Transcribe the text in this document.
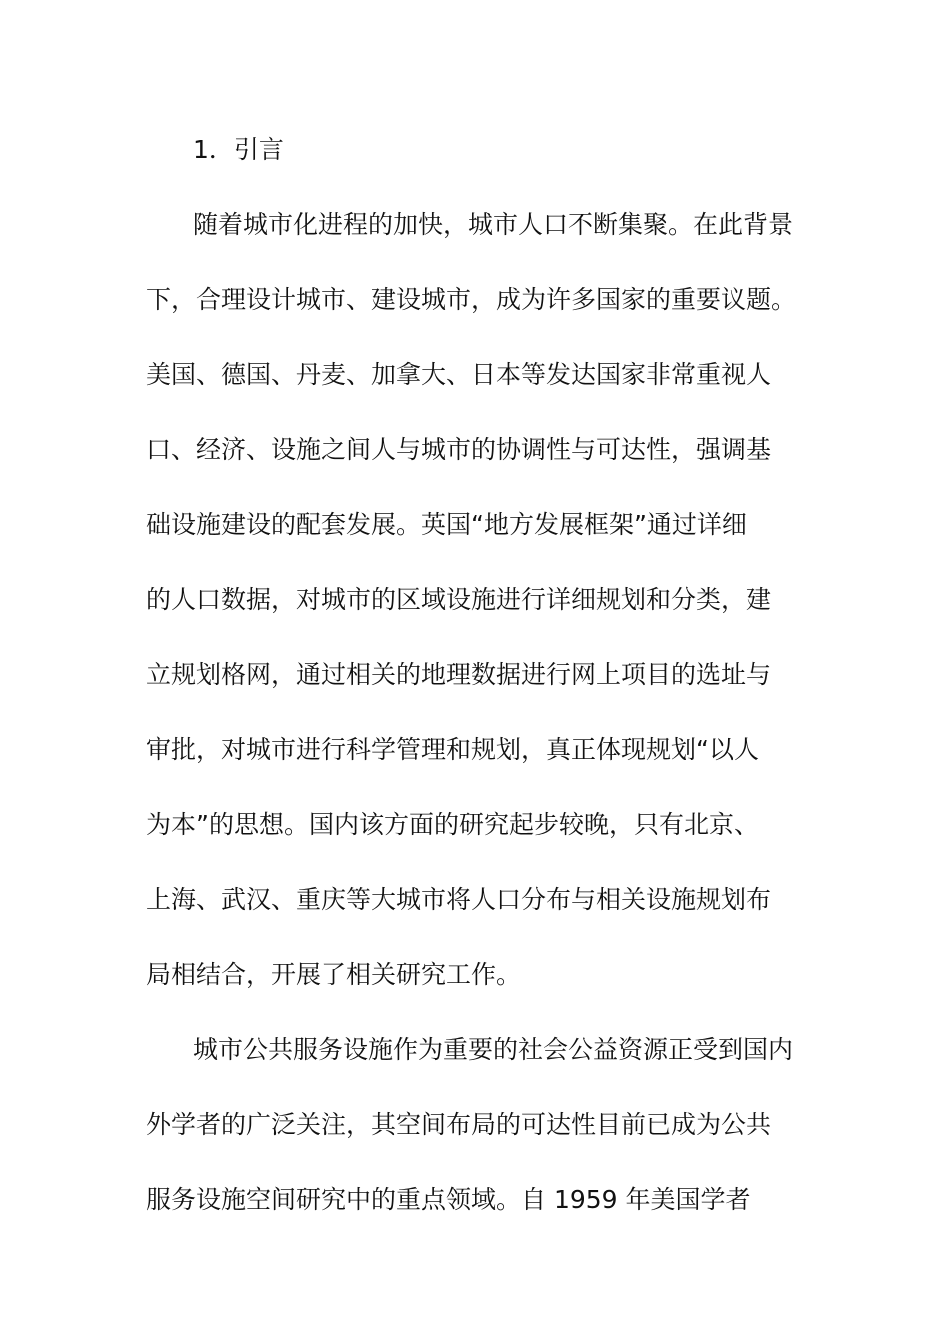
1．引言
随着城市化进程的加快，城市人口不断集聚。在此背景
下，合理设计城市、建设城市，成为许多国家的重要议题。
美国、德国、丹麦、加拿大、日本等发达国家非常重视人
口、经济、设施之间人与城市的协调性与可达性，强调基
础设施建设的配套发展。英国“地方发展框架”通过详细
的人口数据，对城市的区域设施进行详细规划和分类，建
立规划格网，通过相关的地理数据进行网上项目的选址与
审批，对城市进行科学管理和规划，真正体现规划“以人
为本”的思想。国内该方面的研究起步较晚，只有北京、
上海、武汉、重庆等大城市将人口分布与相关设施规划布
局相结合，开展了相关研究工作。
城市公共服务设施作为重要的社会公益资源正受到国内
外学者的广泛关注，其空间布局的可达性目前已成为公共
服务设施空间研究中的重点领域。自 1959 年美国学者
